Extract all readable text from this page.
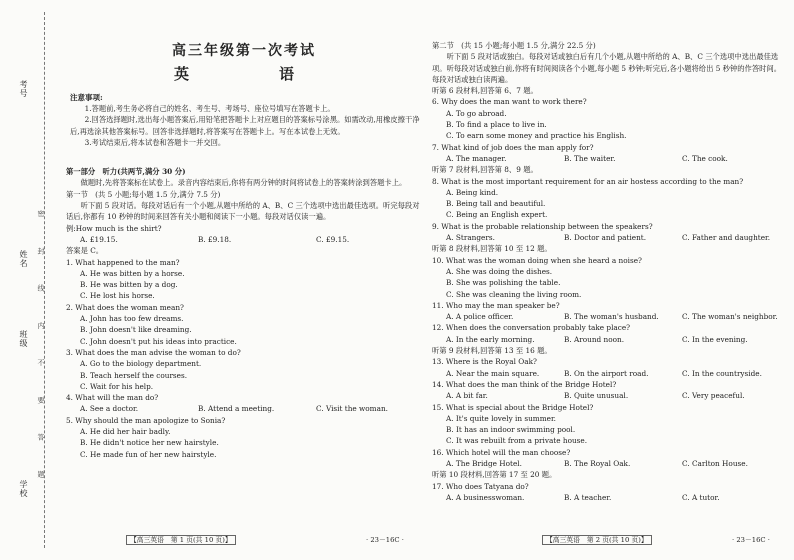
考号
姓名
班级
学校 密 封 线 内 不 要 答 题
高三年级第一次考试
英　　语
注意事项:
1.答题前,考生务必将自己的姓名、考生号、考场号、座位号填写在答题卡上。
2.回答选择题时,选出每小题答案后,用铅笔把答题卡上对应题目的答案标号涂黑。如需改动,用橡皮擦干净后,再选涂其他答案标号。回答非选择题时,将答案写在答题卡上。写在本试卷上无效。
3.考试结束后,将本试卷和答题卡一并交回。
第一部分　听力(共两节,满分 30 分)
做题时,先将答案标在试卷上。录音内容结束后,你将有两分钟的时间将试卷上的答案转涂到答题卡上。
第一节　(共 5 小题;每小题 1.5 分,满分 7.5 分)
听下面 5 段对话。每段对话后有一个小题,从题中所给的 A、B、C 三个选项中选出最佳选项。听完每段对话后,你都有 10 秒钟的时间来回答有关小题和阅读下一小题。每段对话仅读一遍。
例:How much is the shirt?
A. £19.15.	B. £9.18.	C. £9.15.
答案是 C。
1. What happened to the man?
A. He was bitten by a horse.
B. He was bitten by a dog.
C. He lost his horse.
2. What does the woman mean?
A. John has too few dreams.
B. John doesn't like dreaming.
C. John doesn't put his ideas into practice.
3. What does the man advise the woman to do?
A. Go to the biology department.
B. Teach herself the courses.
C. Wait for his help.
4. What will the man do?
A. See a doctor.	B. Attend a meeting.	C. Visit the woman.
5. Why should the man apologize to Sonia?
A. He did her hair badly.
B. He didn't notice her new hairstyle.
C. He made fun of her new hairstyle.
【高三英语　第 1 页(共 10 页)】	· 23－16C ·
第二节　(共 15 小题;每小题 1.5 分,满分 22.5 分)
听下面 5 段对话或独白。每段对话或独白后有几个小题,从题中所给的 A、B、C 三个选项中选出最佳选项。听每段对话或独白前,你将有时间阅读各个小题,每小题 5 秒钟;听完后,各小题将给出 5 秒钟的作答时间。每段对话或独白读两遍。
听第 6 段材料,回答第 6、7 题。
6. Why does the man want to work there?
A. To go abroad.
B. To find a place to live in.
C. To earn some money and practice his English.
7. What kind of job does the man apply for?
A. The manager.	B. The waiter.	C. The cook.
听第 7 段材料,回答第 8、9 题。
8. What is the most important requirement for an air hostess according to the man?
A. Being kind.
B. Being tall and beautiful.
C. Being an English expert.
9. What is the probable relationship between the speakers?
A. Strangers.	B. Doctor and patient.	C. Father and daughter.
听第 8 段材料,回答第 10 至 12 题。
10. What was the woman doing when she heard a noise?
A. She was doing the dishes.
B. She was polishing the table.
C. She was cleaning the living room.
11. Who may the man speaker be?
A. A police officer.	B. The woman's husband.	C. The woman's neighbor.
12. When does the conversation probably take place?
A. In the early morning.	B. Around noon.	C. In the evening.
听第 9 段材料,回答第 13 至 16 题。
13. Where is the Royal Oak?
A. Near the main square.	B. On the airport road.	C. In the countryside.
14. What does the man think of the Bridge Hotel?
A. A bit far.	B. Quite unusual.	C. Very peaceful.
15. What is special about the Bridge Hotel?
A. It's quite lovely in summer.
B. It has an indoor swimming pool.
C. It was rebuilt from a private house.
16. Which hotel will the man choose?
A. The Bridge Hotel.	B. The Royal Oak.	C. Carlton House.
听第 10 段材料,回答第 17 至 20 题。
17. Who does Tatyana do?
A. A businesswoman.	B. A teacher.	C. A tutor.
【高三英语　第 2 页(共 10 页)】	· 23－16C ·
